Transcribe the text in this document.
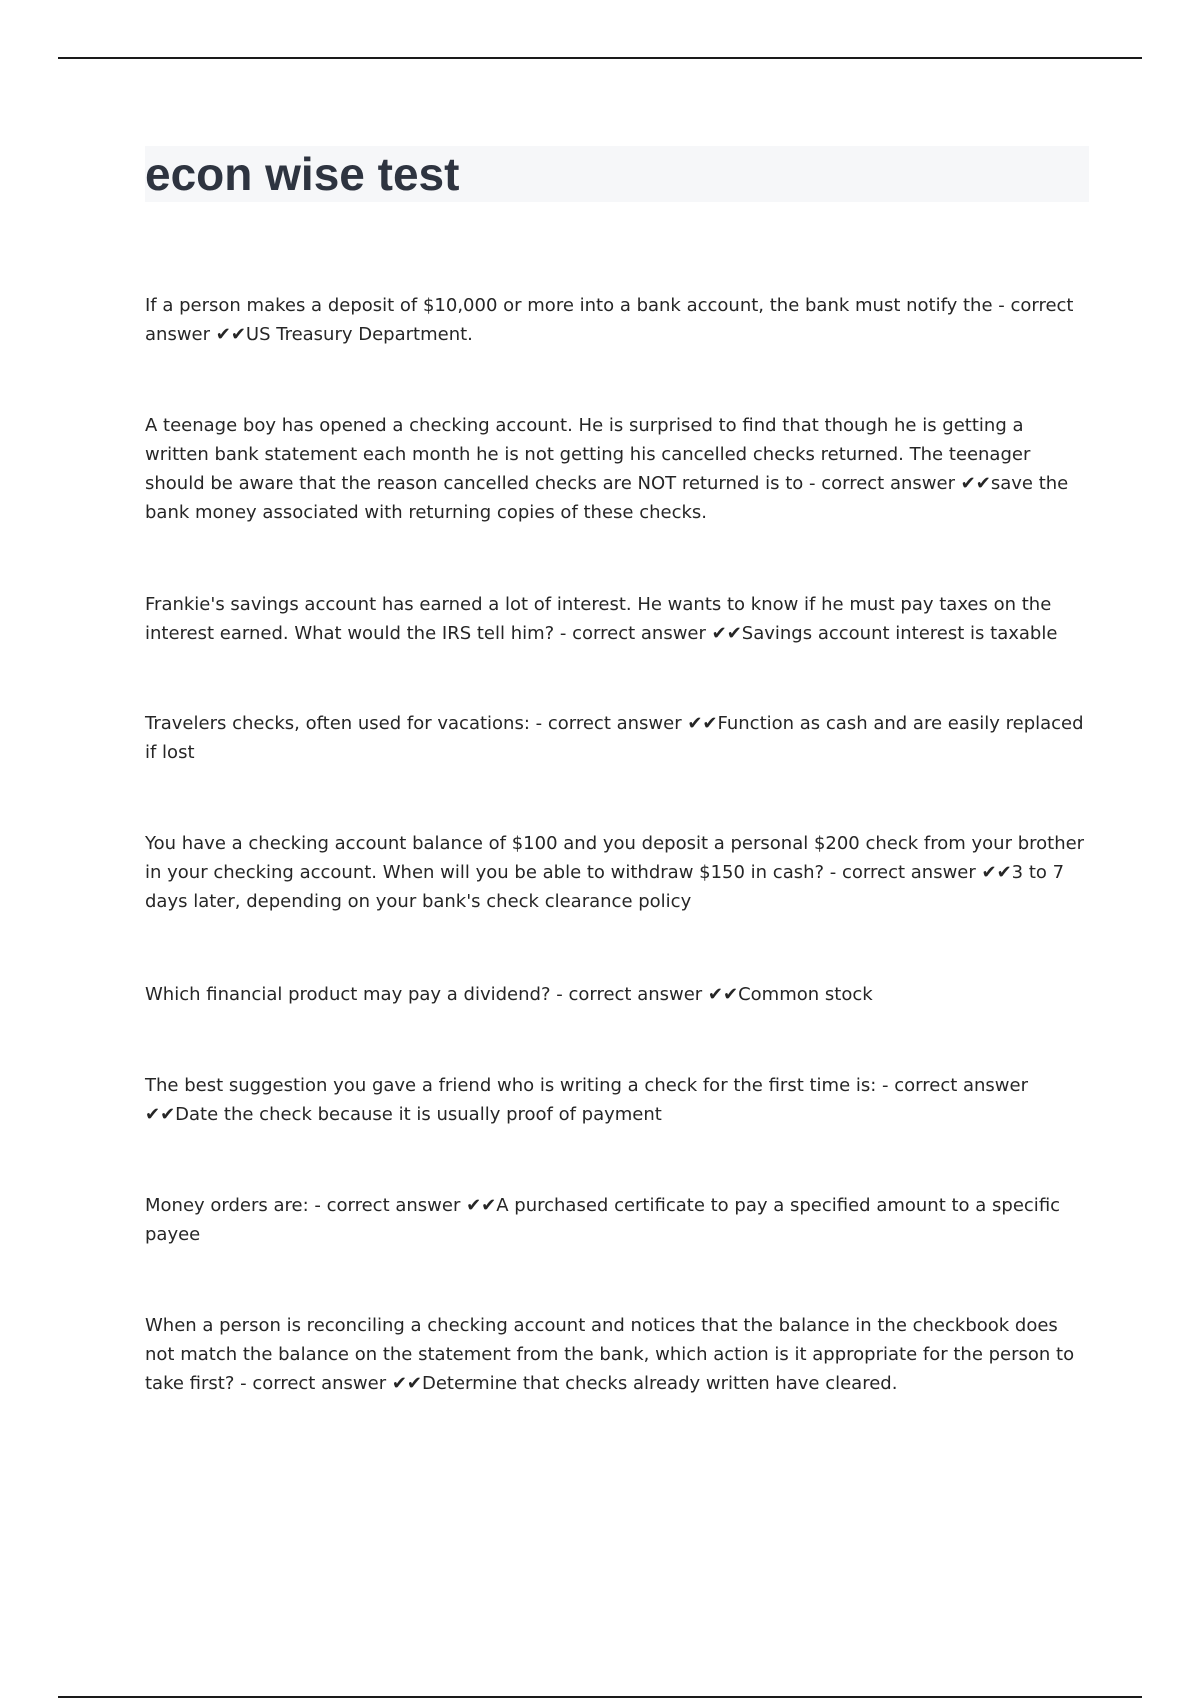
econ wise test

If a person makes a deposit of $10,000 or more into a bank account, the bank must notify the - correct answer ✔✔US Treasury Department.

A teenage boy has opened a checking account. He is surprised to find that though he is getting a written bank statement each month he is not getting his cancelled checks returned. The teenager should be aware that the reason cancelled checks are NOT returned is to - correct answer ✔✔save the bank money associated with returning copies of these checks.

Frankie's savings account has earned a lot of interest. He wants to know if he must pay taxes on the interest earned. What would the IRS tell him? - correct answer ✔✔Savings account interest is taxable

Travelers checks, often used for vacations: - correct answer ✔✔Function as cash and are easily replaced if lost

You have a checking account balance of $100 and you deposit a personal $200 check from your brother in your checking account. When will you be able to withdraw $150 in cash? - correct answer ✔✔3 to 7 days later, depending on your bank's check clearance policy

Which financial product may pay a dividend? - correct answer ✔✔Common stock

The best suggestion you gave a friend who is writing a check for the first time is: - correct answer ✔✔Date the check because it is usually proof of payment

Money orders are: - correct answer ✔✔A purchased certificate to pay a specified amount to a specific payee

When a person is reconciling a checking account and notices that the balance in the checkbook does not match the balance on the statement from the bank, which action is it appropriate for the person to take first? - correct answer ✔✔Determine that checks already written have cleared.
